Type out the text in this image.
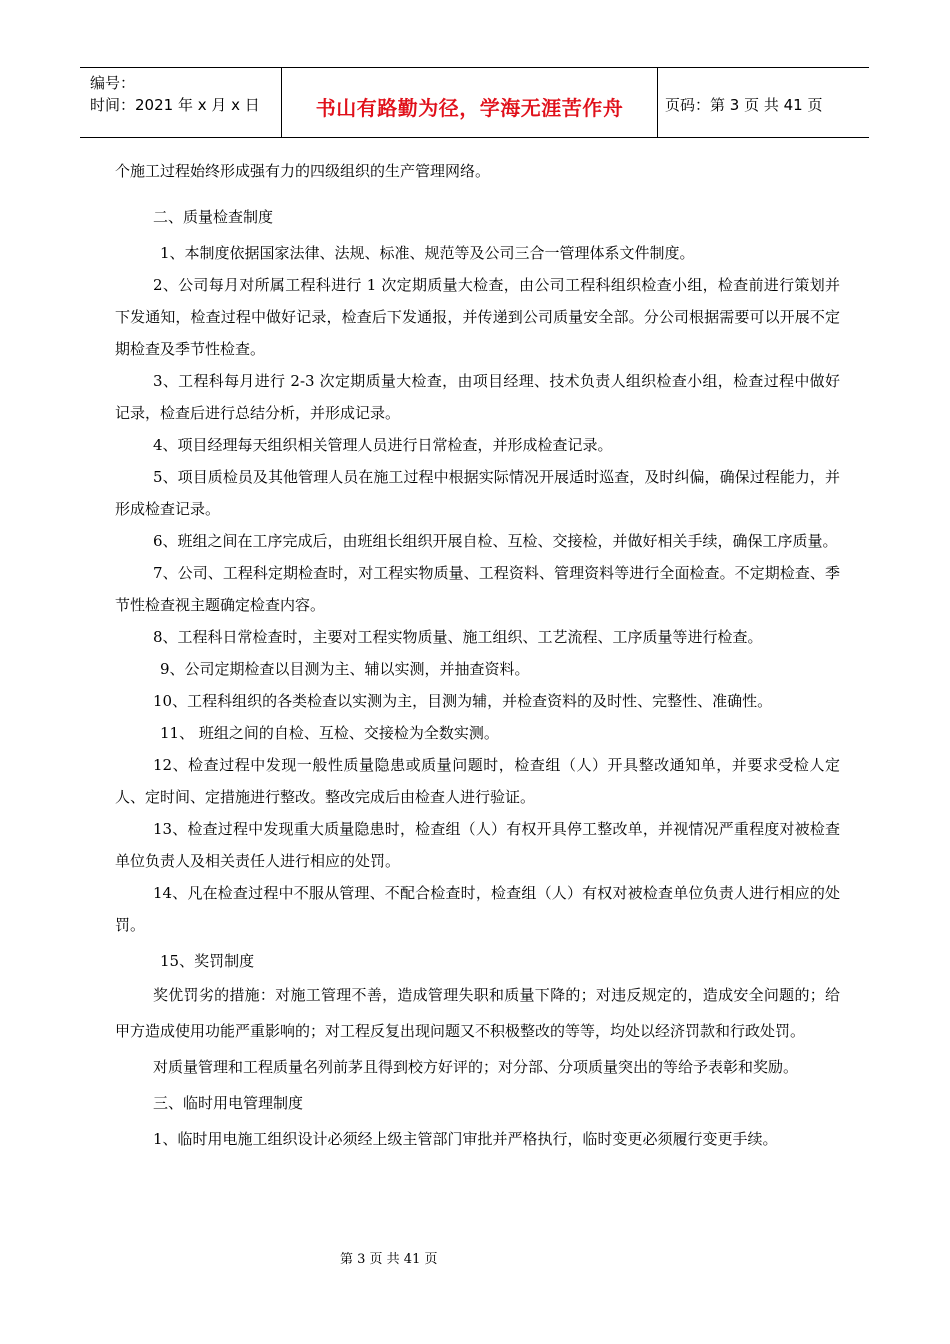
编号：
时间：2021 年 x 月 x 日	书山有路勤为径，学海无涯苦作舟	页码：第 3 页 共 41 页

个施工过程始终形成强有力的四级组织的生产管理网络。

二、质量检查制度

1、本制度依据国家法律、法规、标准、规范等及公司三合一管理体系文件制度。

2、公司每月对所属工程科进行 1 次定期质量大检查，由公司工程科组织检查小组，检查前进行策划并下发通知，检查过程中做好记录，检查后下发通报，并传递到公司质量安全部。分公司根据需要可以开展不定期检查及季节性检查。

3、工程科每月进行 2-3 次定期质量大检查，由项目经理、技术负责人组织检查小组，检查过程中做好记录，检查后进行总结分析，并形成记录。

4、项目经理每天组织相关管理人员进行日常检查，并形成检查记录。

5、项目质检员及其他管理人员在施工过程中根据实际情况开展适时巡查，及时纠偏，确保过程能力，并形成检查记录。

6、班组之间在工序完成后，由班组长组织开展自检、互检、交接检，并做好相关手续，确保工序质量。

7、公司、工程科定期检查时，对工程实物质量、工程资料、管理资料等进行全面检查。不定期检查、季节性检查视主题确定检查内容。

8、工程科日常检查时，主要对工程实物质量、施工组织、工艺流程、工序质量等进行检查。

9、公司定期检查以目测为主、辅以实测，并抽查资料。

10、工程科组织的各类检查以实测为主，目测为辅，并检查资料的及时性、完整性、准确性。

11、 班组之间的自检、互检、交接检为全数实测。

12、检查过程中发现一般性质量隐患或质量问题时，检查组（人）开具整改通知单，并要求受检人定人、定时间、定措施进行整改。整改完成后由检查人进行验证。

13、检查过程中发现重大质量隐患时，检查组（人）有权开具停工整改单，并视情况严重程度对被检查单位负责人及相关责任人进行相应的处罚。

14、凡在检查过程中不服从管理、不配合检查时，检查组（人）有权对被检查单位负责人进行相应的处罚。

15、奖罚制度

奖优罚劣的措施：对施工管理不善，造成管理失职和质量下降的；对违反规定的，造成安全问题的；给甲方造成使用功能严重影响的；对工程反复出现问题又不积极整改的等等，均处以经济罚款和行政处罚。

对质量管理和工程质量名列前茅且得到校方好评的；对分部、分项质量突出的等给予表彰和奖励。

三、临时用电管理制度

1、临时用电施工组织设计必须经上级主管部门审批并严格执行，临时变更必须履行变更手续。

第 3 页 共 41 页
